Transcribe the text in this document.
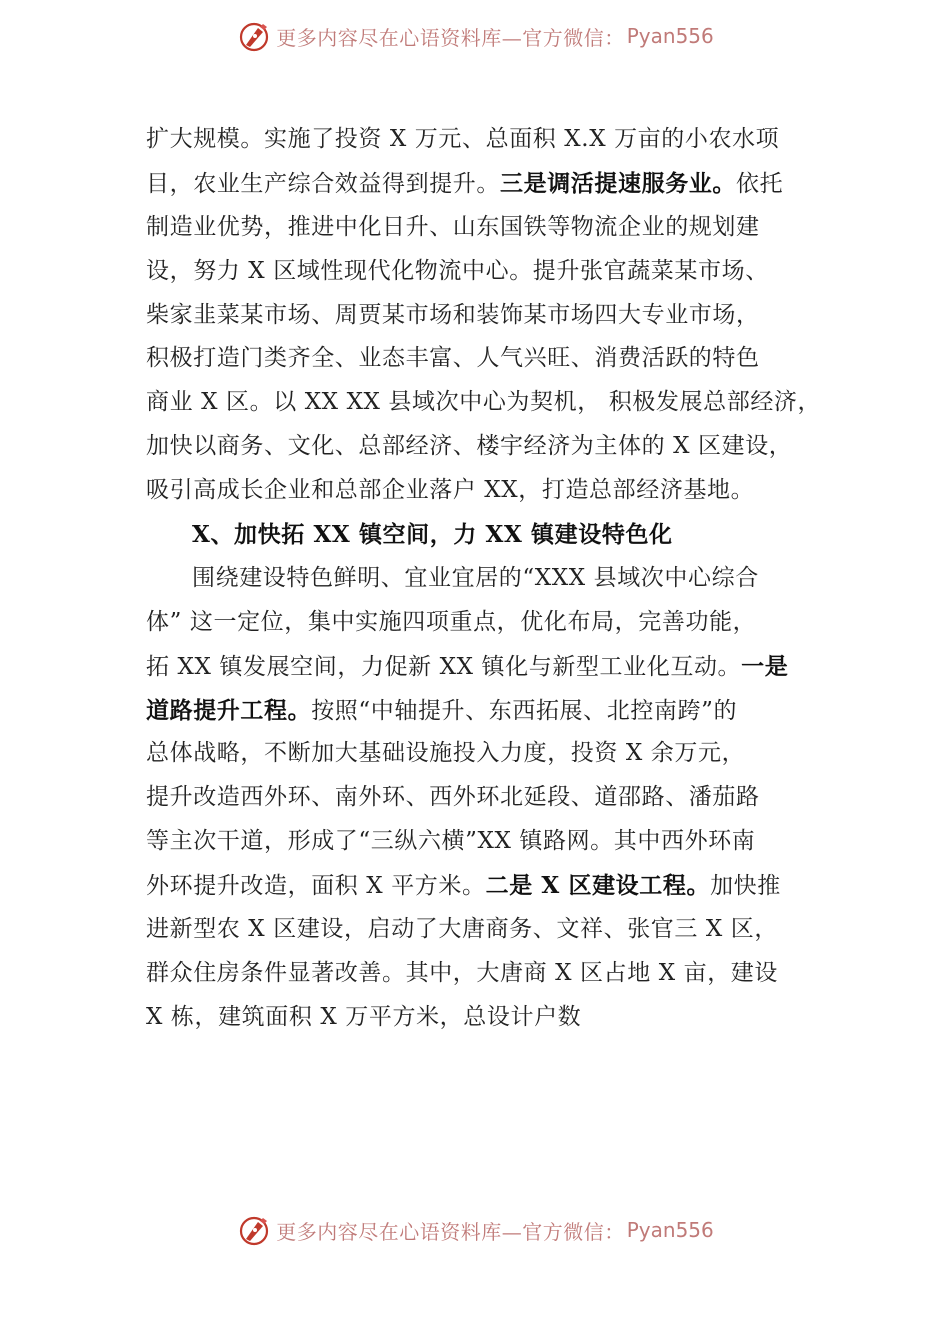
更多内容尽在心语资料库—官方微信： Pyan556
扩大规模。实施了投资 X 万元、总面积 X.X 万亩的小农水项
目，农业生产综合效益得到提升。三是调活提速服务业。依托
制造业优势，推进中化日升、山东国铁等物流企业的规划建
设，努力 X 区域性现代化物流中心。提升张官蔬菜某市场、
柴家韭菜某市场、周贾某市场和装饰某市场四大专业市场，
积极打造门类齐全、业态丰富、人气兴旺、消费活跃的特色
商业 X 区。以 XX XX 县域次中心为契机， 积极发展总部经济，
加快以商务、文化、总部经济、楼宇经济为主体的 X 区建设，
吸引高成长企业和总部企业落户 XX，打造总部经济基地。
X、加快拓 XX 镇空间，力 XX 镇建设特色化
围绕建设特色鲜明、宜业宜居的“XXX 县域次中心综合
体” 这一定位，集中实施四项重点，优化布局，完善功能，
拓 XX 镇发展空间，力促新 XX 镇化与新型工业化互动。一是
道路提升工程。按照“中轴提升、东西拓展、北控南跨”的
总体战略，不断加大基础设施投入力度，投资 X 余万元，
提升改造西外环、南外环、西外环北延段、道邵路、潘茄路
等主次干道，形成了“三纵六横”XX 镇路网。其中西外环南
外环提升改造，面积 X 平方米。二是 X 区建设工程。加快推
进新型农 X 区建设，启动了大唐商务、文祥、张官三 X 区，
群众住房条件显著改善。其中，大唐商 X 区占地 X 亩，建设
X 栋，建筑面积 X 万平方米，总设计户数
更多内容尽在心语资料库—官方微信： Pyan556
